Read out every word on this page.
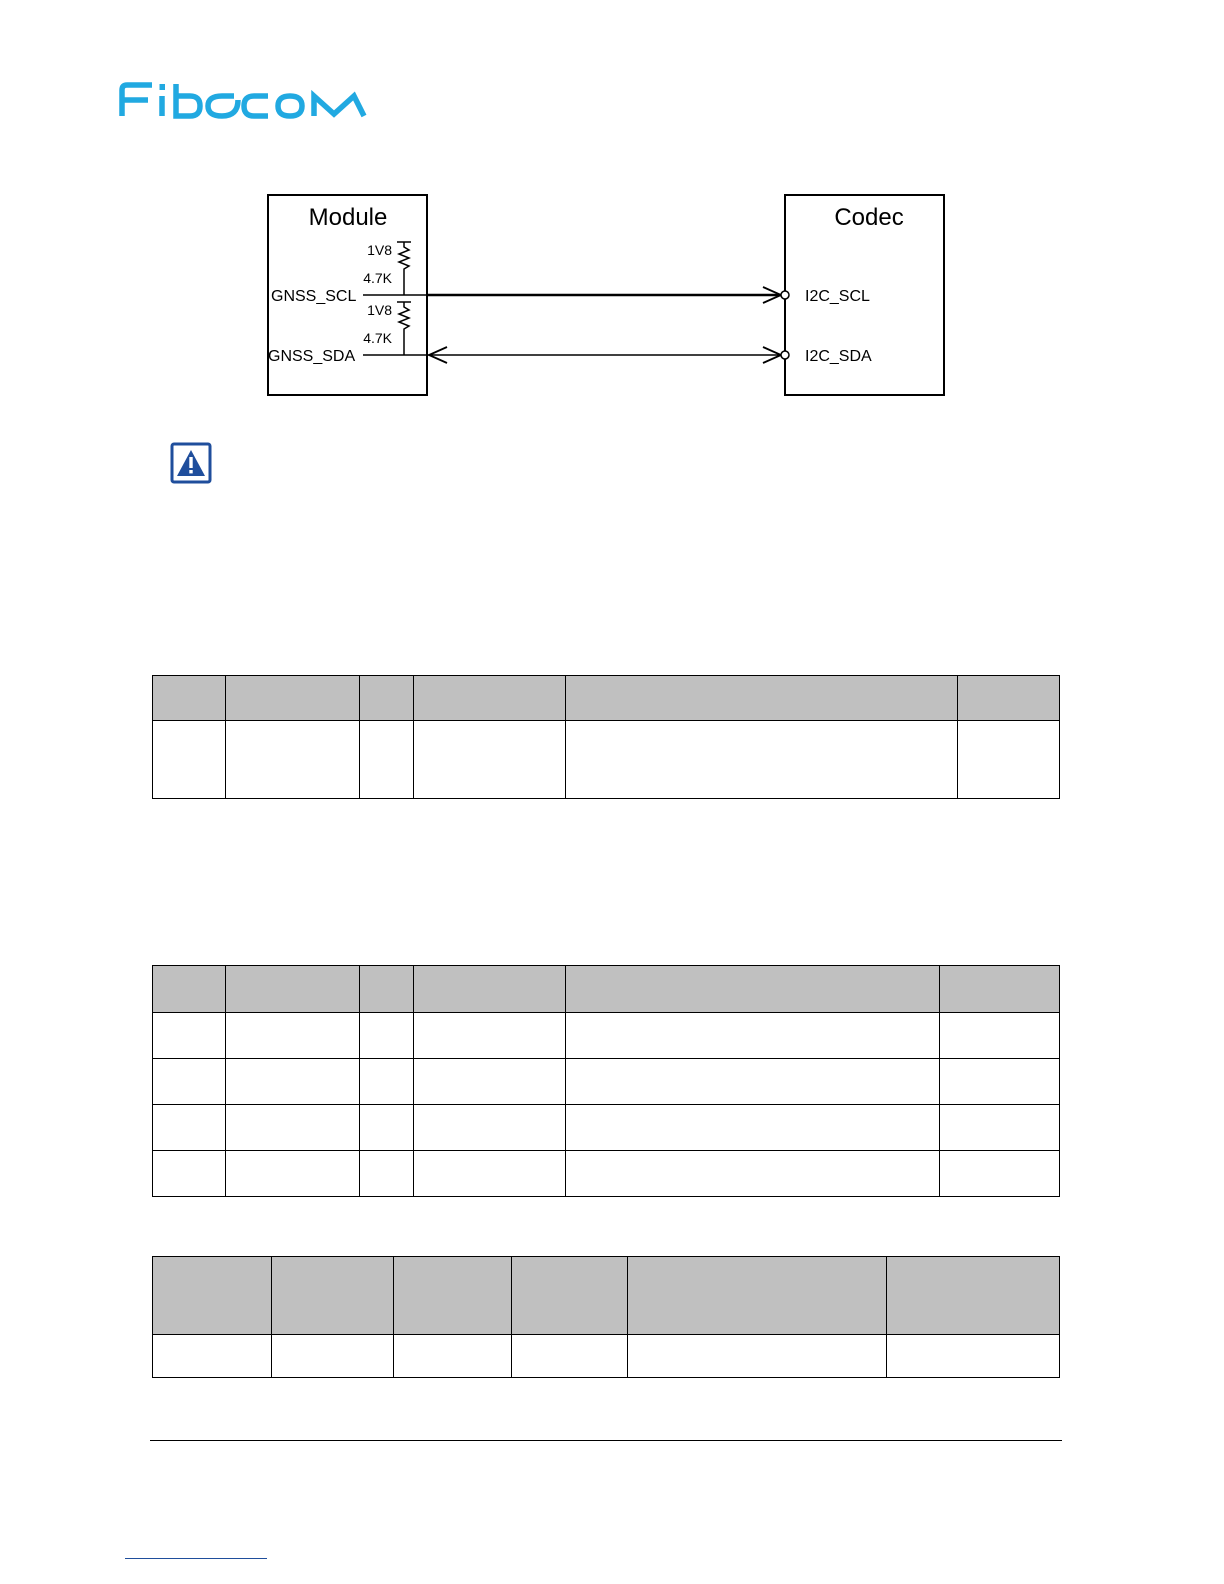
Module	Codec
1V8
4.7K
1V8
4.7K
GNSS_SCL
GNSS_SDA
I2C_SCL
I2C_SDA
